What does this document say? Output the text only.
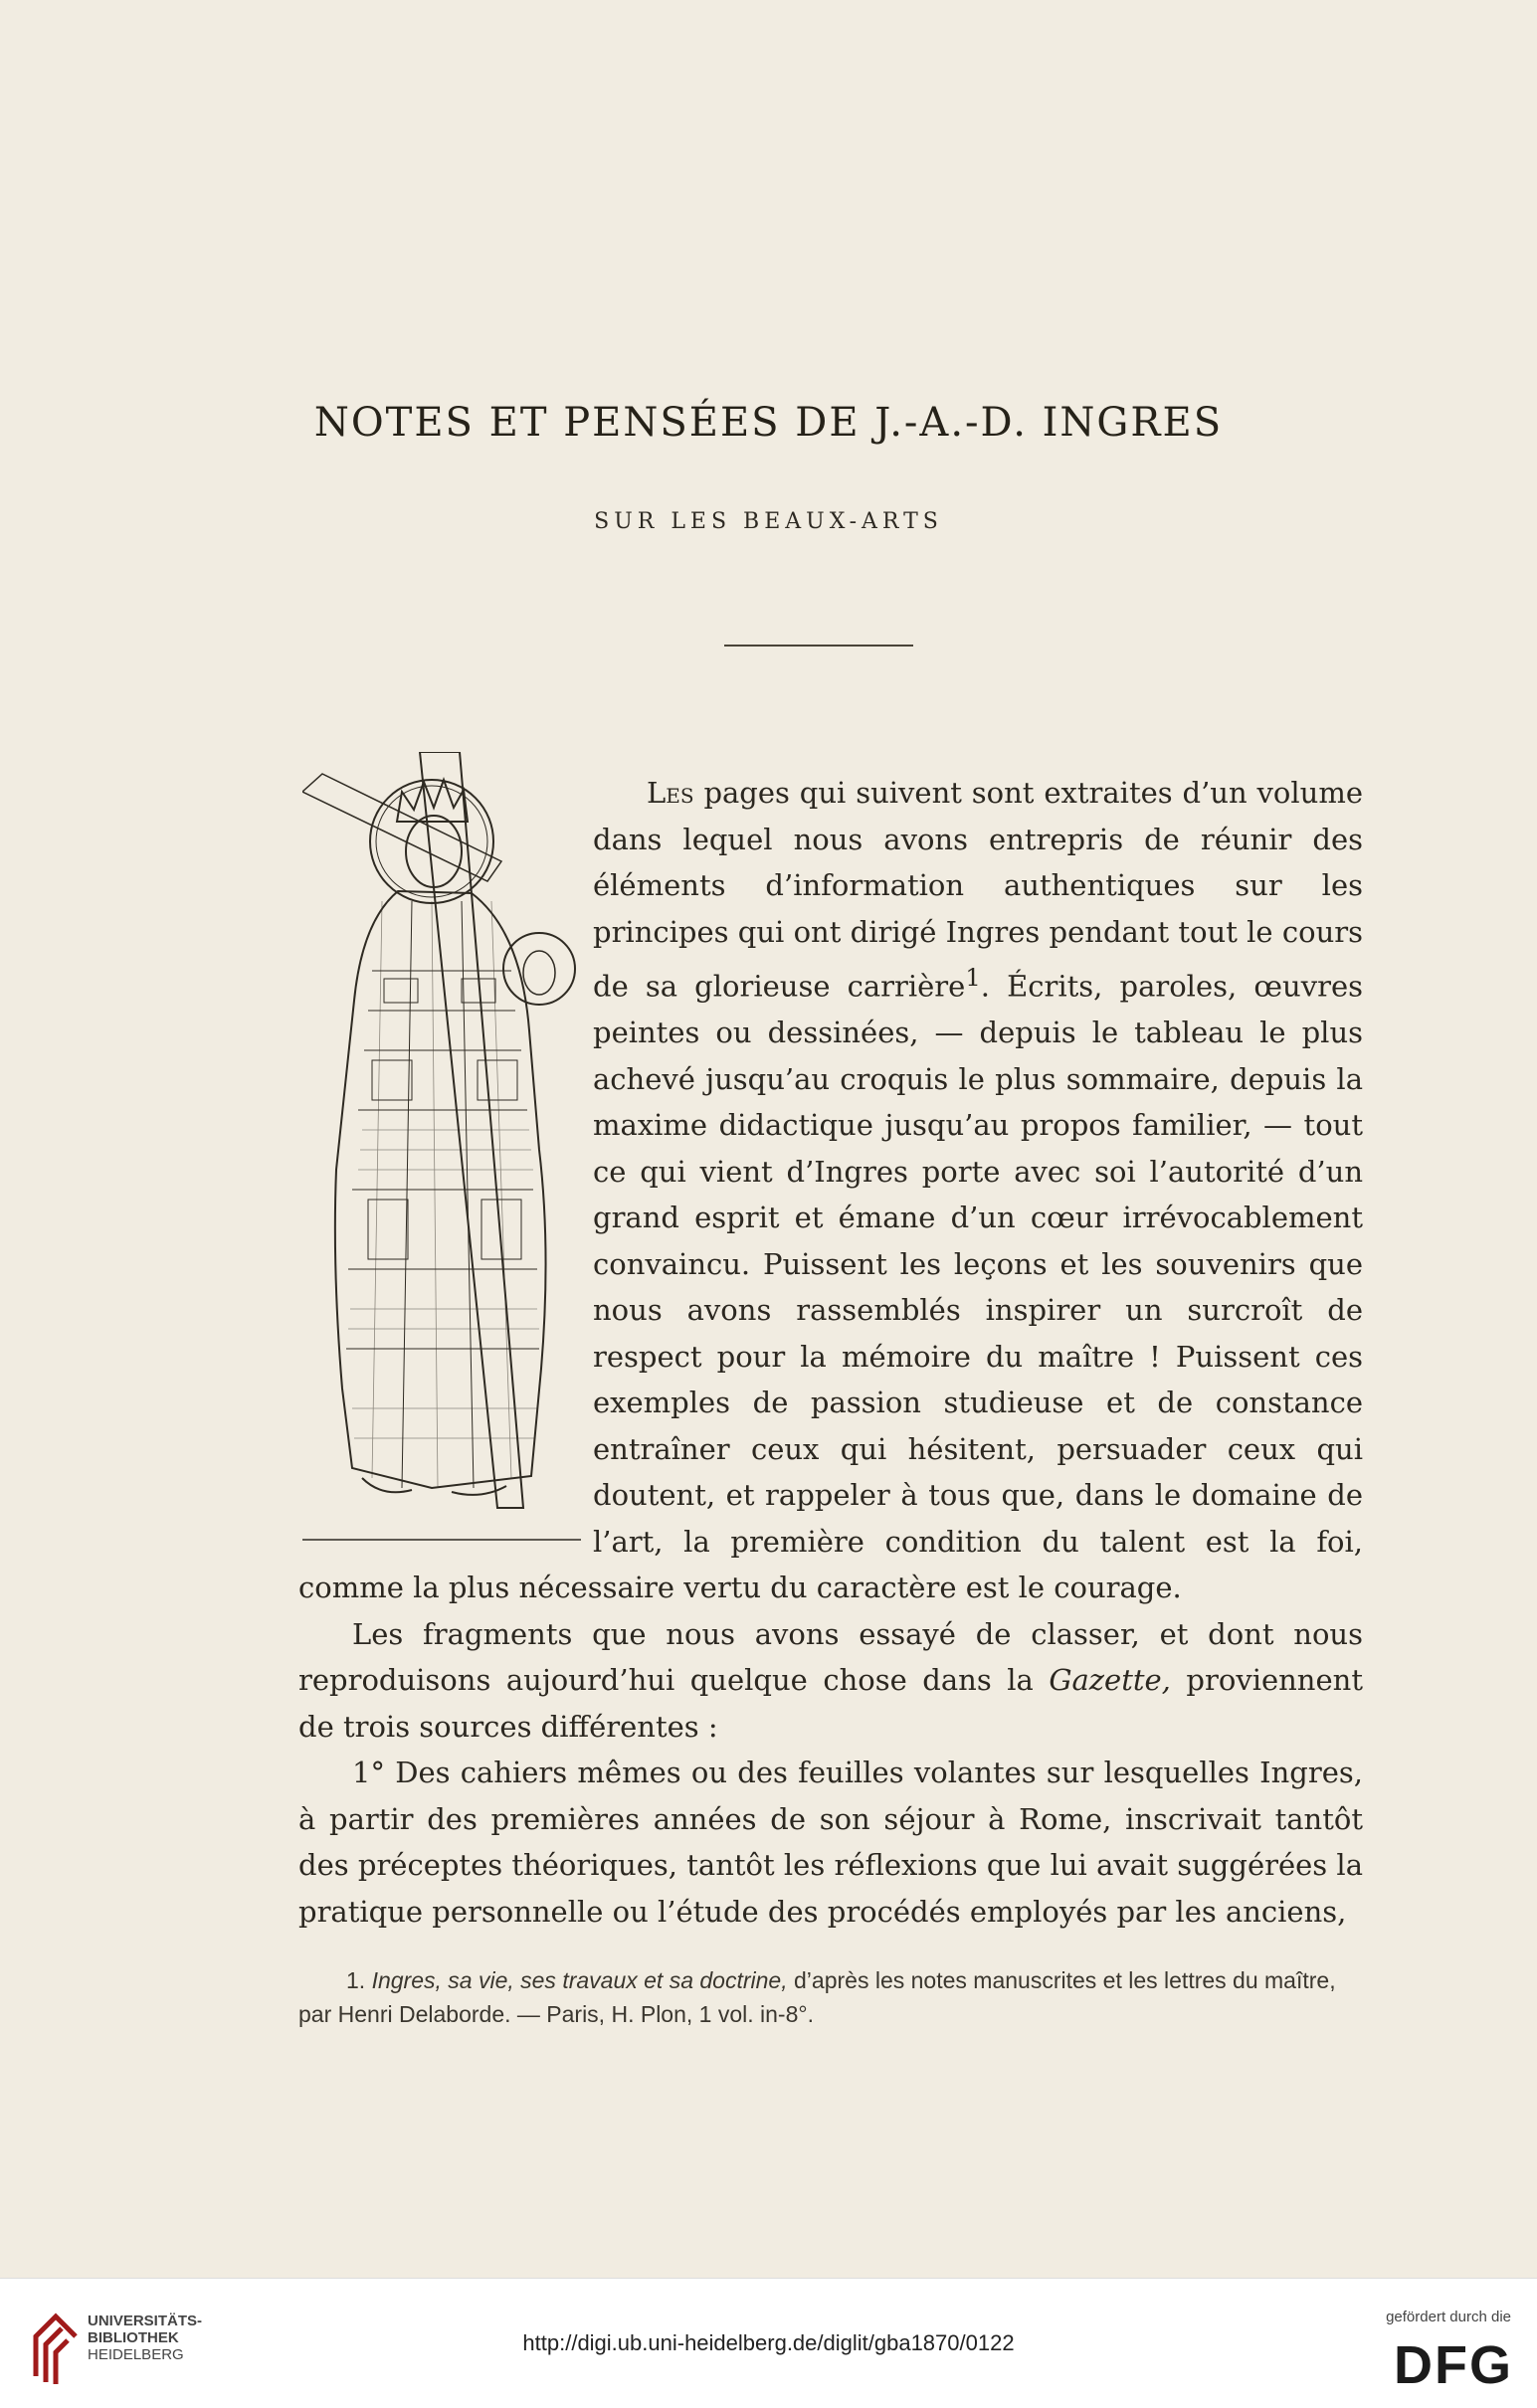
NOTES ET PENSÉES DE J.-A.-D. INGRES
SUR LES BEAUX-ARTS

Les pages qui suivent sont extraites d’un volume dans lequel nous avons entrepris de réunir des éléments d’information authentiques sur les principes qui ont dirigé Ingres pendant tout le cours de sa glorieuse carrière$^1$. Écrits, paroles, œuvres peintes ou dessinées, — depuis le tableau le plus achevé jusqu’au croquis le plus sommaire, depuis la maxime didactique jusqu’au propos familier, — tout ce qui vient d’Ingres porte avec soi l’autorité d’un grand esprit et émane d’un cœur irrévocablement convaincu. Puissent les leçons et les souvenirs que nous avons rassemblés inspirer un surcroît de respect pour la mémoire du maître ! Puissent ces exemples de passion studieuse et de constance entraîner ceux qui hésitent, persuader ceux qui doutent, et rappeler à tous que, dans le domaine de l’art, la première condition du talent est la foi, comme la plus nécessaire vertu du caractère est le courage.

Les fragments que nous avons essayé de classer, et dont nous reproduisons aujourd’hui quelque chose dans la Gazette, proviennent de trois sources différentes :

1° Des cahiers mêmes ou des feuilles volantes sur lesquelles Ingres, à partir des premières années de son séjour à Rome, inscrivait tantôt des préceptes théoriques, tantôt les réflexions que lui avait suggérées la pratique personnelle ou l’étude des procédés employés par les anciens,

1. Ingres, sa vie, ses travaux et sa doctrine, d’après les notes manuscrites et les lettres du maître, par Henri Delaborde. — Paris, H. Plon, 1 vol. in-8°.
UNIVERSITÄTS-
BIBLIOTHEK
HEIDELBERG	http://digi.ub.uni-heidelberg.de/diglit/gba1870/0122
gefördert durch die
DFG
